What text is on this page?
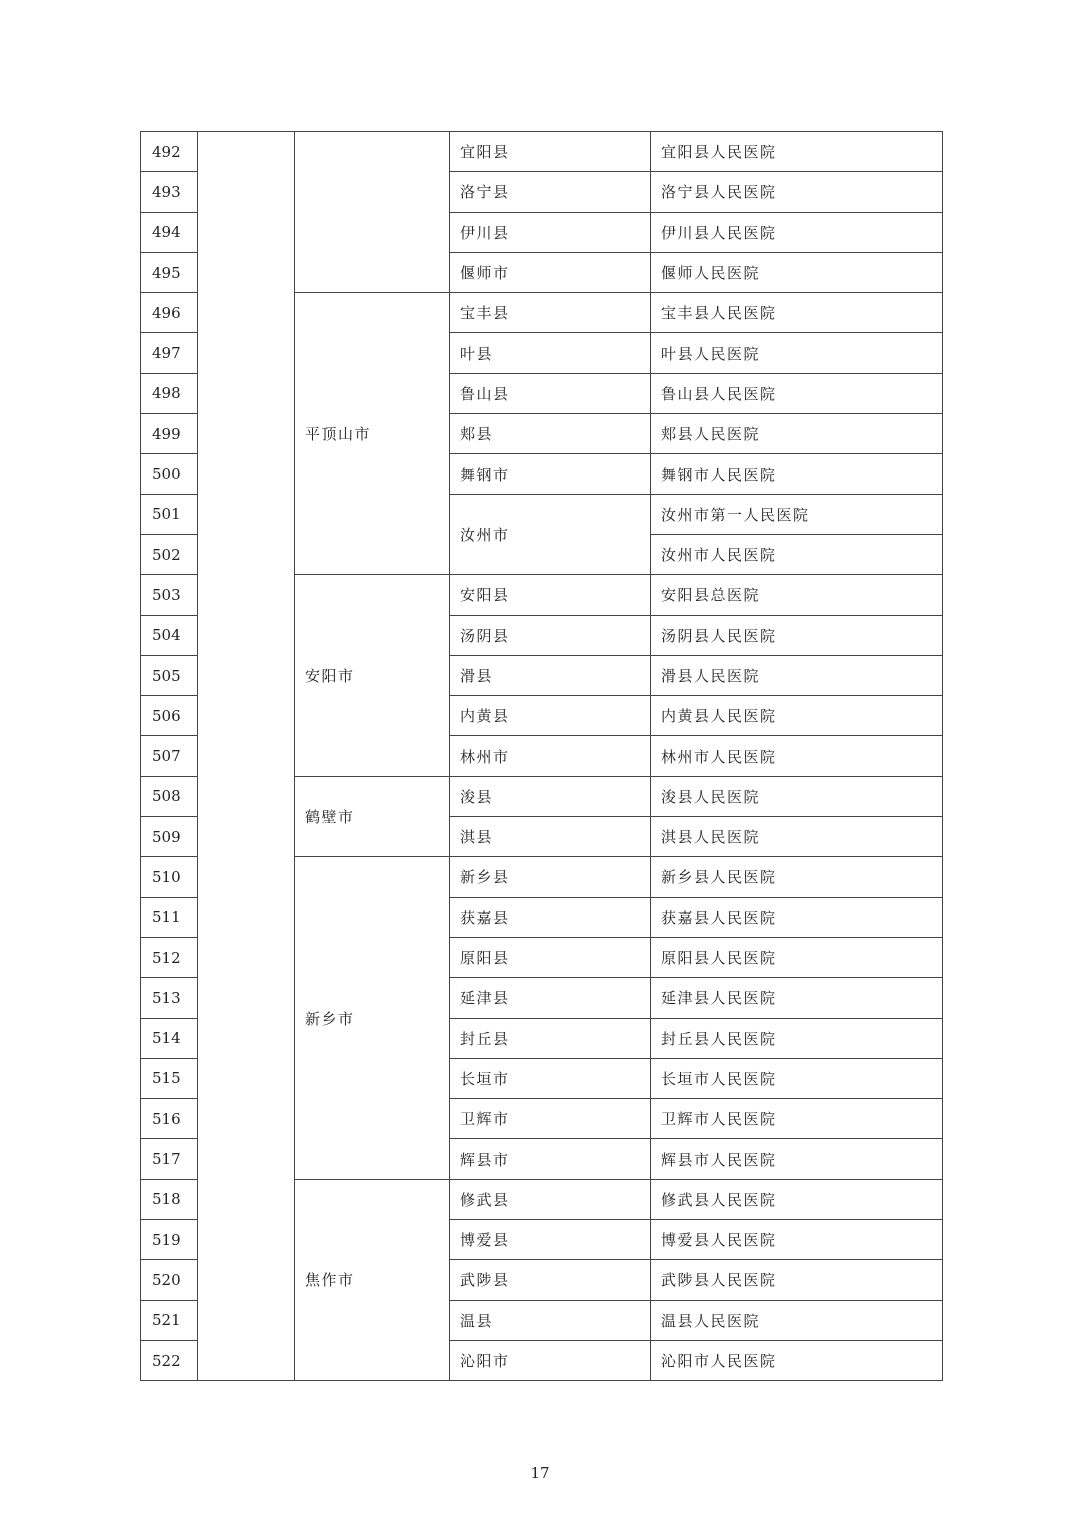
492			宜阳县	宜阳县人民医院
493			洛宁县	洛宁县人民医院
494			伊川县	伊川县人民医院
495			偃师市	偃师人民医院
496		平顶山市	宝丰县	宝丰县人民医院
497			叶县	叶县人民医院
498			鲁山县	鲁山县人民医院
499			郏县	郏县人民医院
500			舞钢市	舞钢市人民医院
501			汝州市	汝州市第一人民医院
502				汝州市人民医院
503		安阳市	安阳县	安阳县总医院
504			汤阴县	汤阴县人民医院
505			滑县	滑县人民医院
506			内黄县	内黄县人民医院
507			林州市	林州市人民医院
508		鹤壁市	浚县	浚县人民医院
509			淇县	淇县人民医院
510		新乡市	新乡县	新乡县人民医院
511			获嘉县	获嘉县人民医院
512			原阳县	原阳县人民医院
513			延津县	延津县人民医院
514			封丘县	封丘县人民医院
515			长垣市	长垣市人民医院
516			卫辉市	卫辉市人民医院
517			辉县市	辉县市人民医院
518		焦作市	修武县	修武县人民医院
519			博爱县	博爱县人民医院
520			武陟县	武陟县人民医院
521			温县	温县人民医院
522			沁阳市	沁阳市人民医院
17
